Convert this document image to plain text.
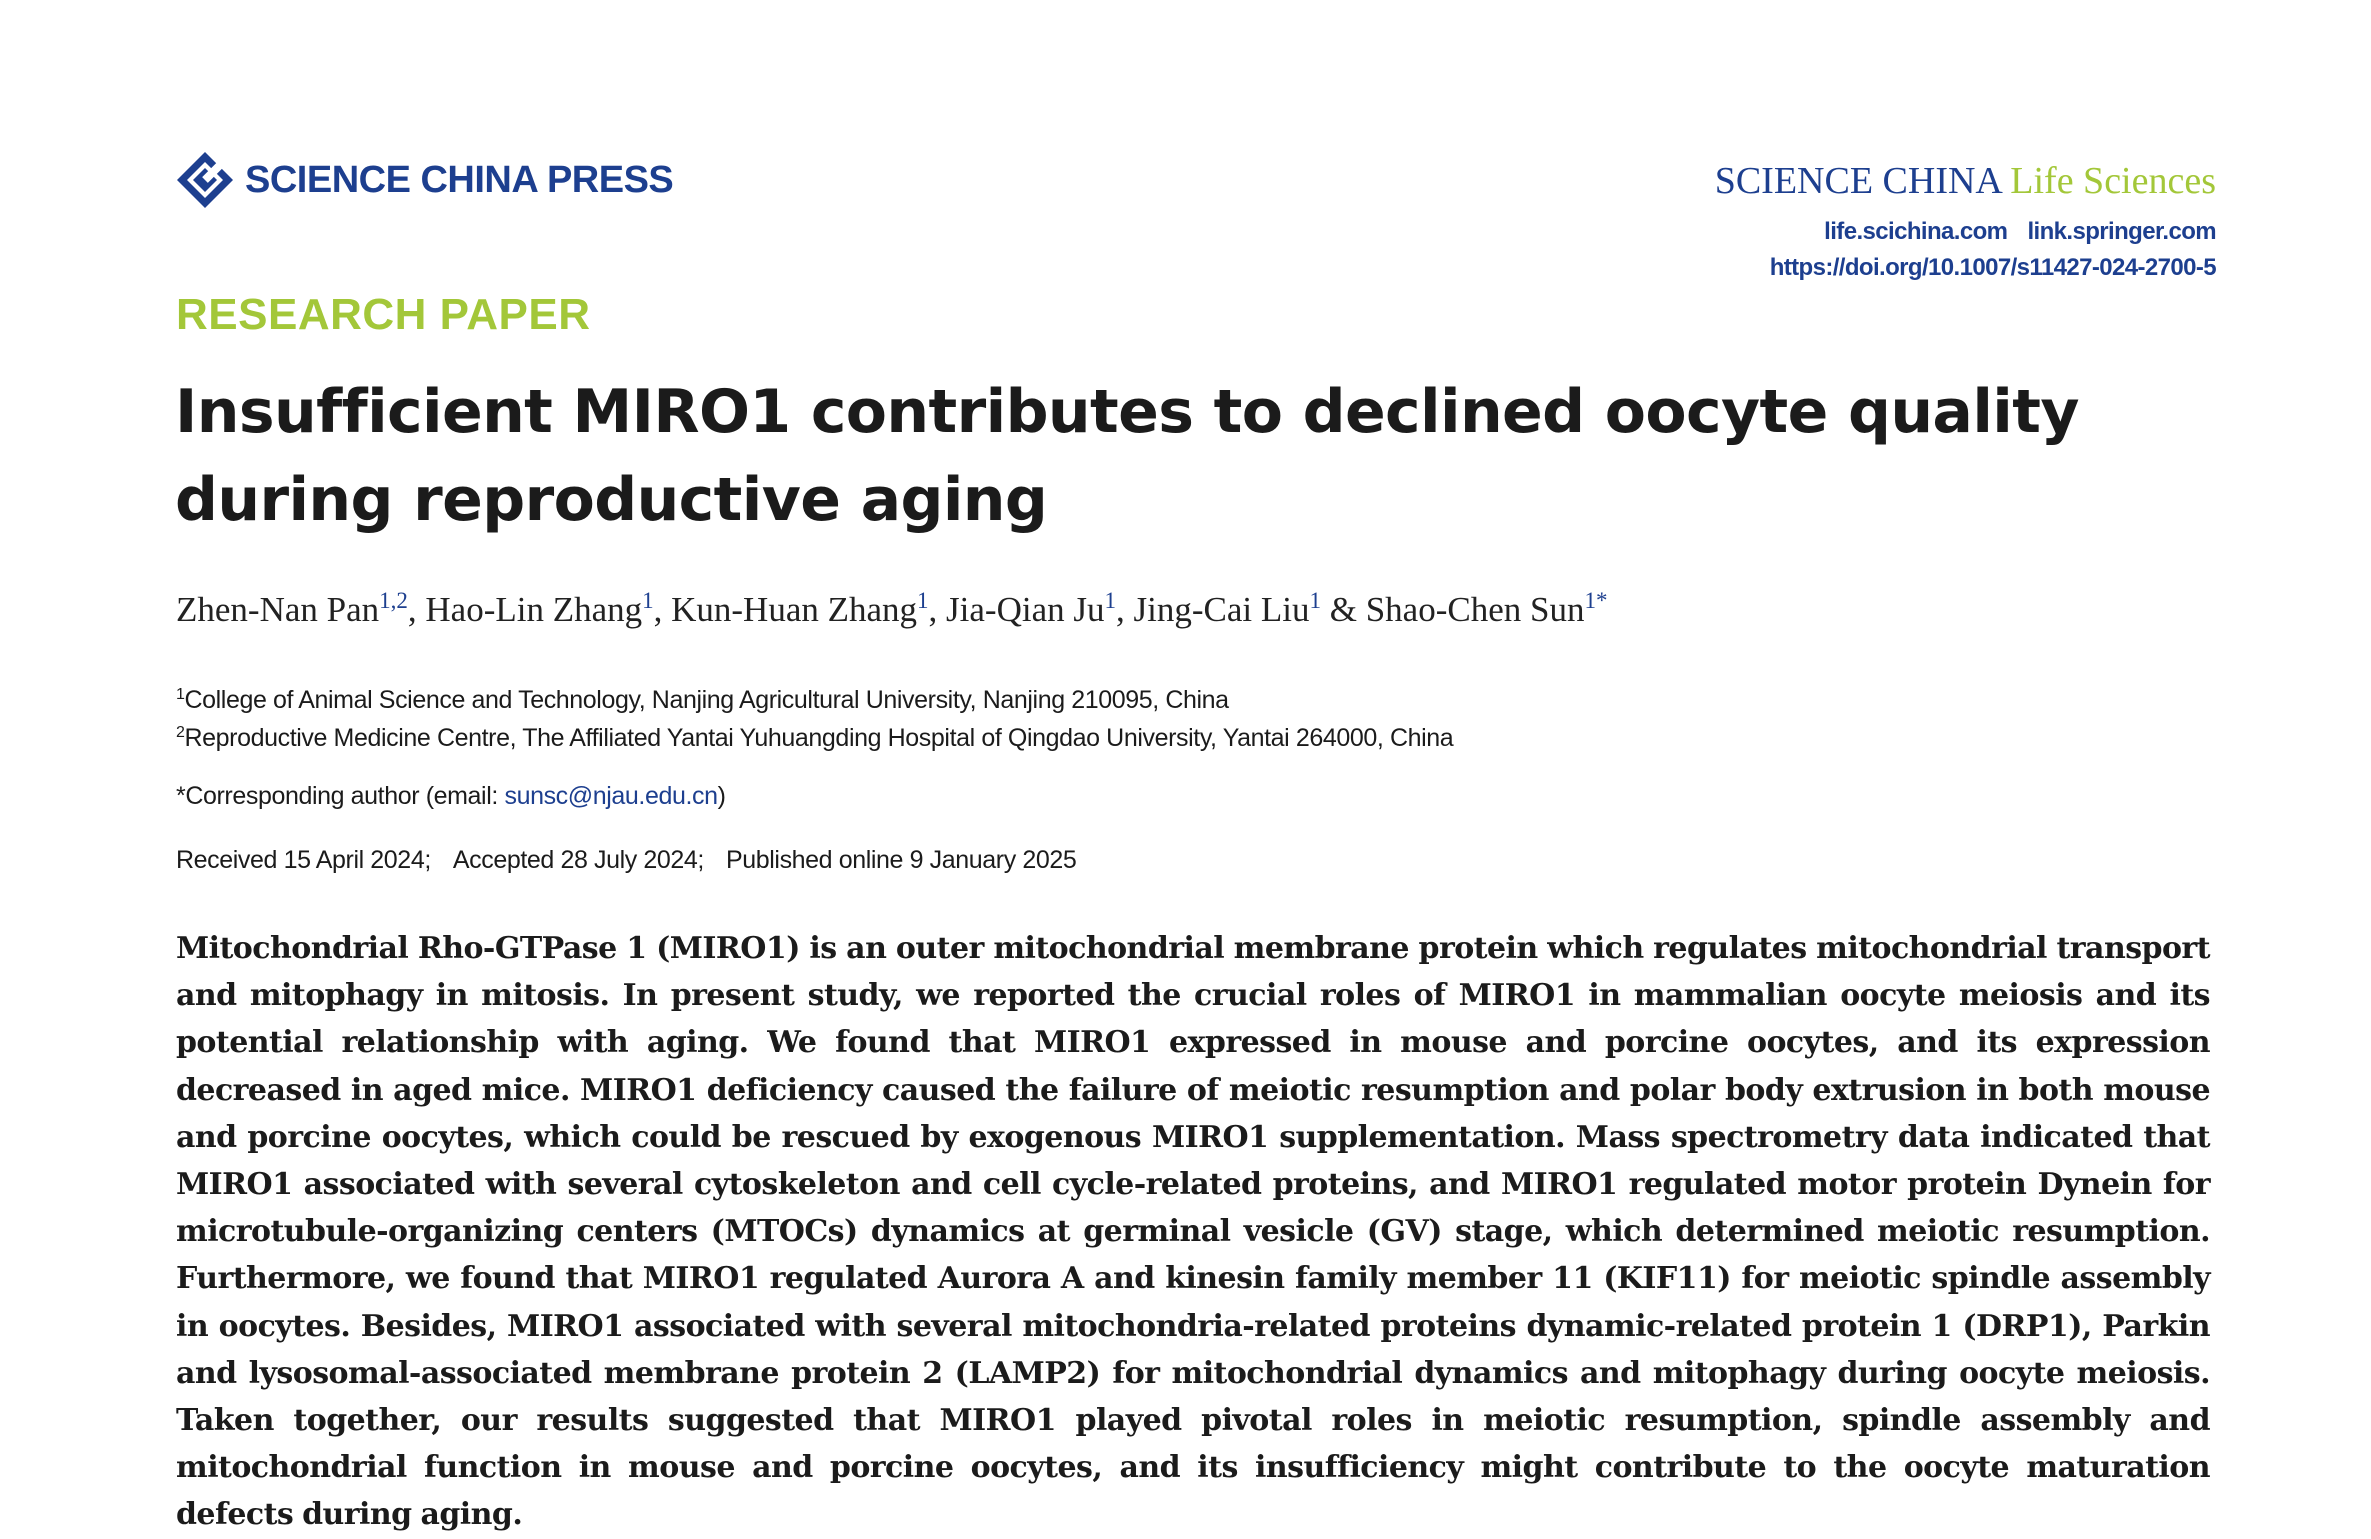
SCIENCE CHINA PRESS	SCIENCE CHINA Life Sciences
life.scichina.com link.springer.com
https://doi.org/10.1007/s11427-024-2700-5
RESEARCH PAPER
Insufficient MIRO1 contributes to declined oocyte quality during reproductive aging
Zhen-Nan Pan$^{1,2}$, Hao-Lin Zhang$^1$, Kun-Huan Zhang$^1$, Jia-Qian Ju$^1$, Jing-Cai Liu$^1$ & Shao-Chen Sun$^{1*}$
$^1$College of Animal Science and Technology, Nanjing Agricultural University, Nanjing 210095, China
$^2$Reproductive Medicine Centre, The Affiliated Yantai Yuhuangding Hospital of Qingdao University, Yantai 264000, China
*Corresponding author (email: sunsc@njau.edu.cn)
Received 15 April 2024; Accepted 28 July 2024; Published online 9 January 2025
Mitochondrial Rho-GTPase 1 (MIRO1) is an outer mitochondrial membrane protein which regulates mitochondrial transport and mitophagy in mitosis. In present study, we reported the crucial roles of MIRO1 in mammalian oocyte meiosis and its potential relationship with aging. We found that MIRO1 expressed in mouse and porcine oocytes, and its expression decreased in aged mice. MIRO1 deficiency caused the failure of meiotic resumption and polar body extrusion in both mouse and porcine oocytes, which could be rescued by exogenous MIRO1 supplementation. Mass spectrometry data indicated that MIRO1 associated with several cytoskeleton and cell cycle-related proteins, and MIRO1 regulated motor protein Dynein for microtubule-organizing centers (MTOCs) dynamics at germinal vesicle (GV) stage, which determined meiotic resumption. Furthermore, we found that MIRO1 regulated Aurora A and kinesin family member 11 (KIF11) for meiotic spindle assembly in oocytes. Besides, MIRO1 associated with several mitochondria-related proteins dynamic-related protein 1 (DRP1), Parkin and lysosomal-associated membrane protein 2 (LAMP2) for mitochondrial dynamics and mitophagy during oocyte meiosis. Taken together, our results suggested that MIRO1 played pivotal roles in meiotic resumption, spindle assembly and mitochondrial function in mouse and porcine oocytes, and its insufficiency might contribute to the oocyte maturation defects during aging.
